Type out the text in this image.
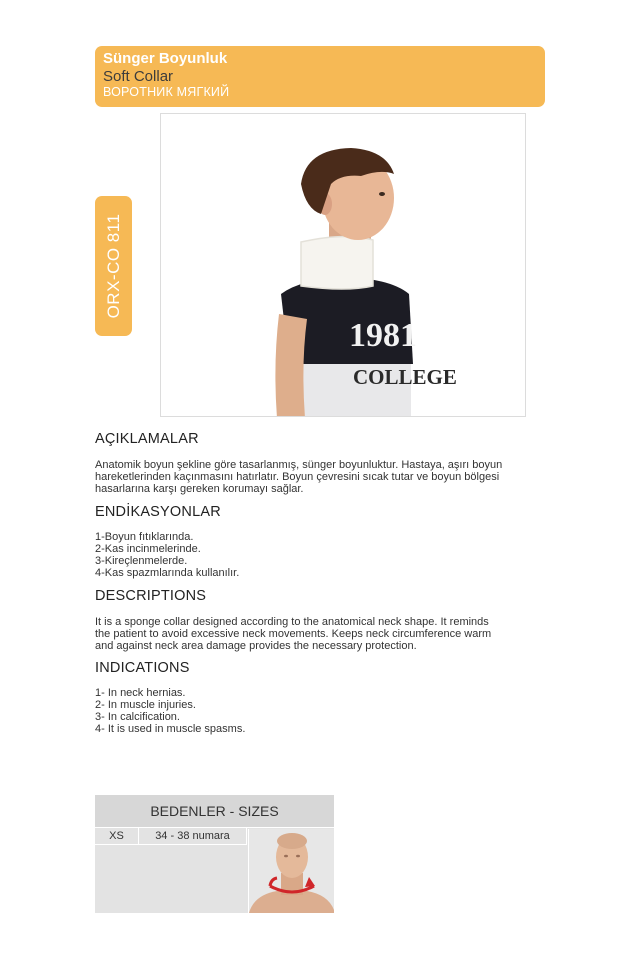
Sünger Boyunluk
Soft Collar
ВОРОТНИК МЯГКИЙ
ORX-CO 811
1981
COLLEGE
AÇIKLAMALAR

Anatomik boyun şekline göre tasarlanmış, sünger boyunluktur. Hastaya, aşırı boyun

hareketlerinden kaçınmasını hatırlatır. Boyun çevresini sıcak tutar ve boyun bölgesi

hasarlarına karşı gereken korumayı sağlar.

ENDİKASYONLAR
1-Boyun fıtıklarında.
2-Kas incinmelerinde.
3-Kireçlenmelerde.
4-Kas spazmlarında kullanılır.
DESCRIPTIONS

It is a sponge collar designed according to the anatomical neck shape. It reminds

the patient to avoid excessive neck movements. Keeps neck circumference warm

and against neck area damage provides the necessary protection.

INDICATIONS
1- In neck hernias.
2- In muscle injuries.
3- In calcification.
4- It is used in muscle spasms.
BEDENLER - SIZES
XS	34 - 38 numara
